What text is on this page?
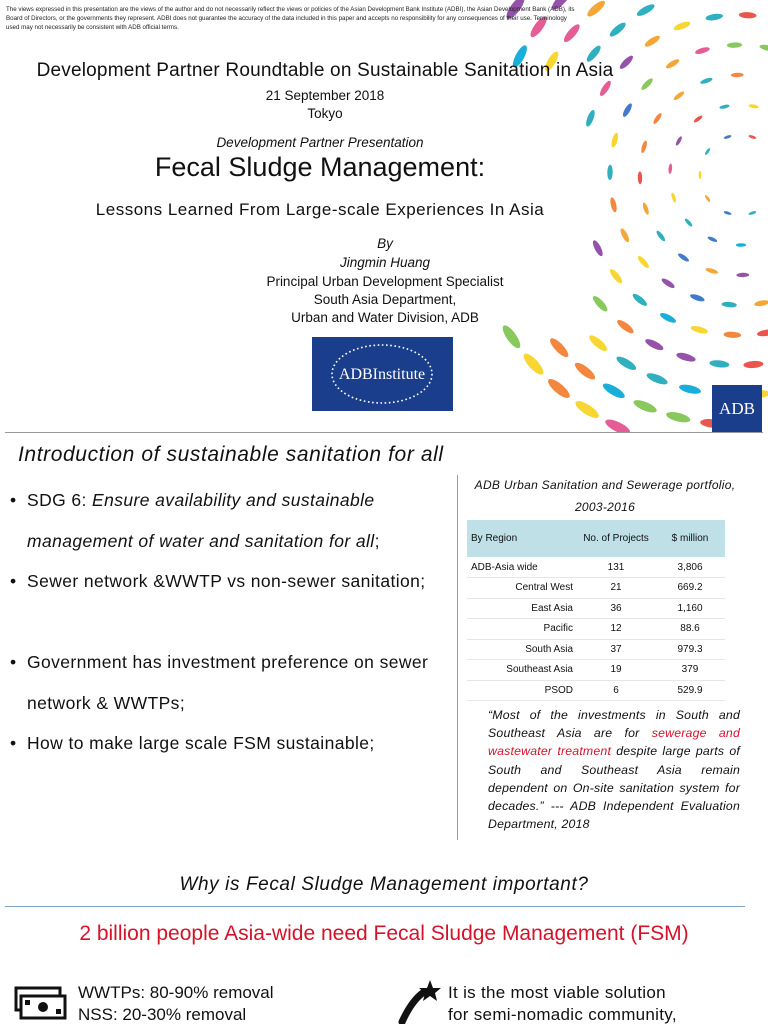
The views expressed in this presentation are the views of the author and do not necessarily reflect the views or policies of the Asian Development Bank Institute (ADBI), the Asian Development Bank (ADB), its Board of Directors, or the governments they represent. ADBI does not guarantee the accuracy of the data included in this paper and accepts no responsibility for any consequences of their use. Terminology used may not necessarily be consistent with ADB official terms.
Development Partner Roundtable on Sustainable Sanitation in Asia
21 September 2018
Tokyo
Development Partner Presentation
Fecal Sludge Management:
Lessons Learned From Large-scale Experiences In Asia
By
Jingmin Huang
Principal Urban Development Specialist
South Asia Department,
Urban and Water Division, ADB
ADBInstitute
ADB
Introduction of sustainable sanitation for all
• SDG 6: Ensure availability and sustainable management of water and sanitation for all;
• Sewer network &WWTP vs non-sewer sanitation;
• Government has investment preference on sewer network & WWTPs;
• How to make large scale FSM sustainable;
ADB Urban Sanitation and Sewerage portfolio, 2003-2016
By Region	No. of Projects	$ million
ADB-Asia wide	131	3,806
Central West	21	669.2
East Asia	36	1,160
Pacific	12	88.6
South Asia	37	979.3
Southeast Asia	19	379
PSOD	6	529.9
“Most of the investments in South and Southeast Asia are for sewerage and wastewater treatment despite large parts of South and Southeast Asia remain dependent on On-site sanitation system for decades.” --- ADB Independent Evaluation Department, 2018
Why is Fecal Sludge Management important?
2 billion people Asia-wide need Fecal Sludge Management (FSM)
WWTPs: 80-90% removal
NSS: 20-30% removal
It is the most viable solution
for semi-nomadic community,
